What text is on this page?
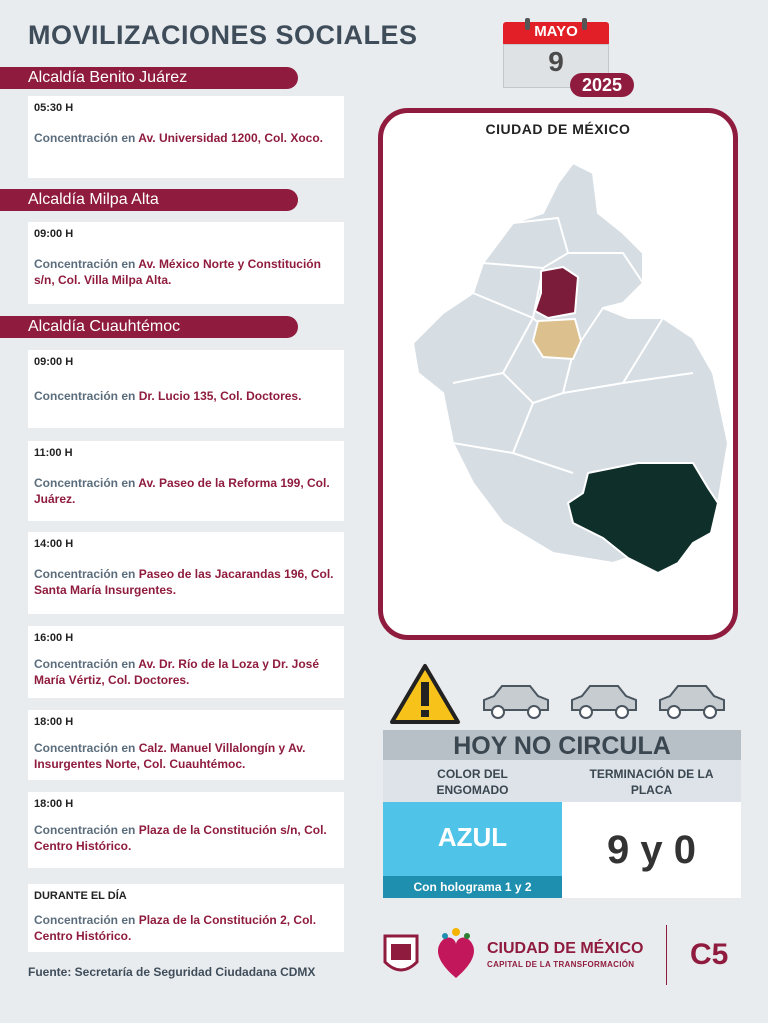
MOVILIZACIONES SOCIALES	MAYO
9
2025
Alcaldía Benito Juárez
Alcaldía Milpa Alta
Alcaldía Cuauhtémoc
05:30 H
Concentración en Av. Universidad 1200, Col. Xoco.
09:00 H
Concentración en Av. México Norte y Constitución s/n, Col. Villa Milpa Alta.
09:00 H
Concentración en Dr. Lucio 135, Col. Doctores.
11:00 H
Concentración en Av. Paseo de la Reforma 199, Col. Juárez.
14:00 H
Concentración en Paseo de las Jacarandas 196, Col. Santa María Insurgentes.
16:00 H
Concentración en Av. Dr. Río de la Loza y Dr. José María Vértiz, Col. Doctores.
18:00 H
Concentración en Calz. Manuel Villalongín y Av. Insurgentes Norte, Col. Cuauhtémoc.
18:00 H
Concentración en Plaza de la Constitución s/n, Col. Centro Histórico.
DURANTE EL DÍA
Concentración en Plaza de la Constitución 2, Col. Centro Histórico.
Fuente: Secretaría de Seguridad Ciudadana CDMX
CIUDAD DE MÉXICO
HOY NO CIRCULA
COLOR DEL ENGOMADO
TERMINACIÓN DE LA PLACA
AZUL
Con holograma 1 y 2
9 y 0
CIUDAD DE MÉXICO
CAPITAL DE LA TRANSFORMACIÓN C5
